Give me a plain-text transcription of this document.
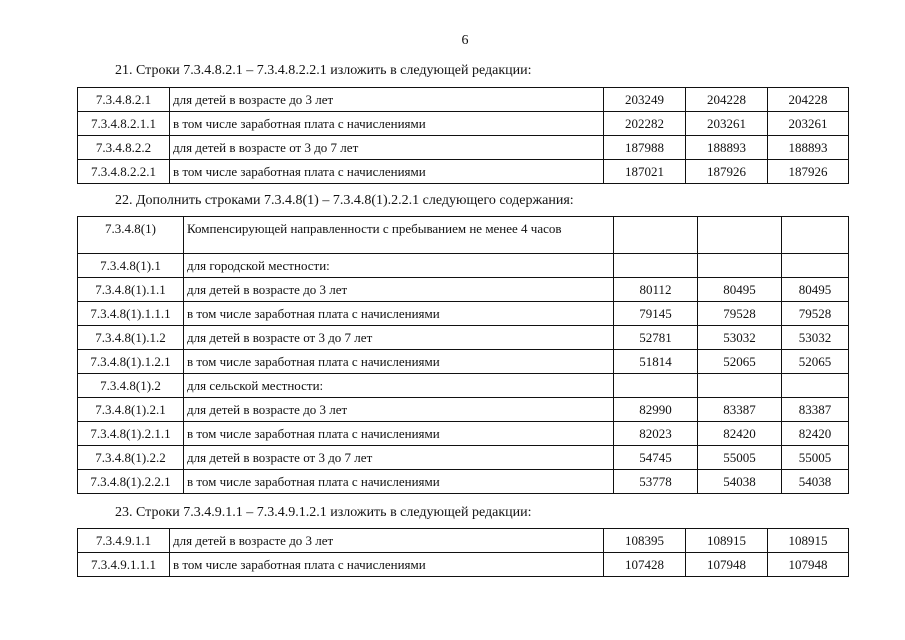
6
21. Строки 7.3.4.8.2.1 – 7.3.4.8.2.2.1 изложить в следующей редакции:
7.3.4.8.2.1	для детей в возрасте до 3 лет	203249	204228	204228
7.3.4.8.2.1.1	в том числе заработная плата с начислениями	202282	203261	203261
7.3.4.8.2.2	для детей в возрасте от 3 до 7 лет	187988	188893	188893
7.3.4.8.2.2.1	в том числе заработная плата с начислениями	187021	187926	187926
22. Дополнить строками 7.3.4.8(1) – 7.3.4.8(1).2.2.1 следующего содержания:
7.3.4.8(1)	Компенсирующей направленности с пребыванием не менее 4 часов			
7.3.4.8(1).1	для городской местности:			
7.3.4.8(1).1.1	для детей в возрасте до 3 лет	80112	80495	80495
7.3.4.8(1).1.1.1	в том числе заработная плата с начислениями	79145	79528	79528
7.3.4.8(1).1.2	для детей в возрасте от 3 до 7 лет	52781	53032	53032
7.3.4.8(1).1.2.1	в том числе заработная плата с начислениями	51814	52065	52065
7.3.4.8(1).2	для сельской местности:			
7.3.4.8(1).2.1	для детей в возрасте до 3 лет	82990	83387	83387
7.3.4.8(1).2.1.1	в том числе заработная плата с начислениями	82023	82420	82420
7.3.4.8(1).2.2	для детей в возрасте от 3 до 7 лет	54745	55005	55005
7.3.4.8(1).2.2.1	в том числе заработная плата с начислениями	53778	54038	54038
23. Строки 7.3.4.9.1.1 – 7.3.4.9.1.2.1 изложить в следующей редакции:
7.3.4.9.1.1	для детей в возрасте до 3 лет	108395	108915	108915
7.3.4.9.1.1.1	в том числе заработная плата с начислениями	107428	107948	107948
